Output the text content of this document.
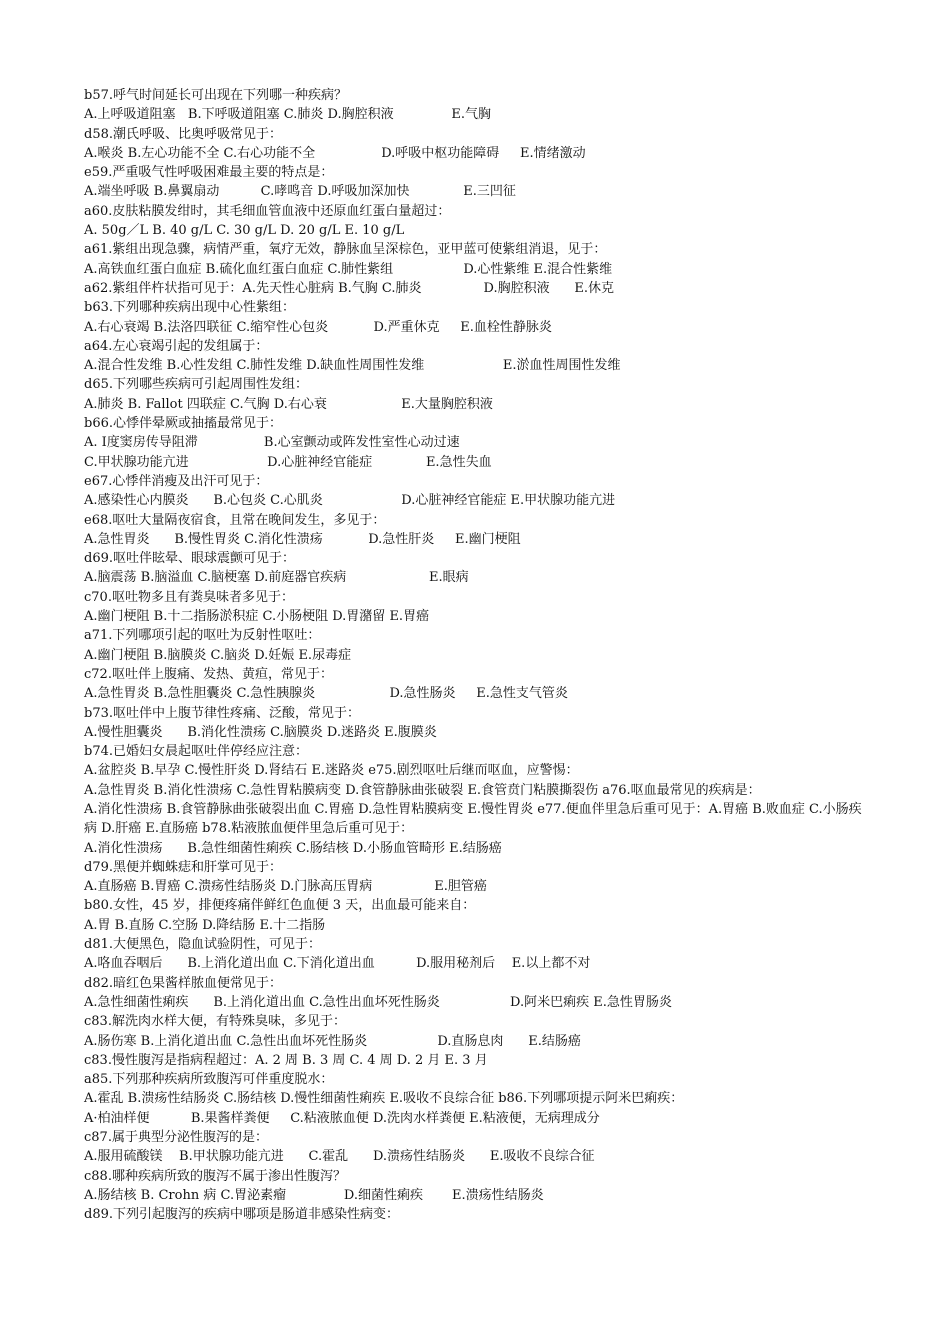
b57.呼气时间延长可出现在下列哪一种疾病？
A.上呼吸道阻塞   B.下呼吸道阻塞 C.肺炎 D.胸腔积液              E.气胸
d58.潮氏呼吸、比奥呼吸常见于：
A.喉炎 B.左心功能不全 C.右心功能不全                D.呼吸中枢功能障碍     E.情绪激动
e59.严重吸气性呼吸困难最主要的特点是：
A.端坐呼吸 B.鼻翼扇动          C.哮鸣音 D.呼吸加深加快             E.三凹征
a60.皮肤粘膜发绀时，其毛细血管血液中还原血红蛋白量超过：
A. 50g／L B. 40 g/L C. 30 g/L D. 20 g/L E. 10 g/L
a61.紫组出现急骤，病情严重，氧疗无效，静脉血呈深棕色，亚甲蓝可使紫组消退，见于：
A.高铁血红蛋白血症 B.硫化血红蛋白血症 C.肺性紫组                 D.心性紫维 E.混合性紫维
a62.紫组伴杵状指可见于：A.先天性心脏病 B.气胸 C.肺炎               D.胸腔积液      E.休克
b63.下列哪种疾病出现中心性紫组：
A.右心衰竭 B.法洛四联征 C.缩窄性心包炎           D.严重休克     E.血栓性静脉炎
a64.左心衰竭引起的发组属于：
A.混合性发维 B.心性发组 C.肺性发维 D.缺血性周围性发维                   E.淤血性周围性发维
d65.下列哪些疾病可引起周围性发组：
A.肺炎 B. Fallot 四联症 C.气胸 D.右心衰                  E.大量胸腔积液
b66.心悸伴晕厥或抽搐最常见于：
A. Ⅰ度窦房传导阻滞                B.心室颤动或阵发性室性心动过速
C.甲状腺功能亢进                   D.心脏神经官能症             E.急性失血
e67.心悸伴消瘦及出汗可见于：
A.感染性心内膜炎      B.心包炎 C.心肌炎                   D.心脏神经官能症 E.甲状腺功能亢进
e68.呕吐大量隔夜宿食，且常在晚间发生，多见于：
A.急性胃炎      B.慢性胃炎 C.消化性溃疡           D.急性肝炎     E.幽门梗阻
d69.呕吐伴眩晕、眼球震颤可见于：
A.脑震荡 B.脑溢血 C.脑梗塞 D.前庭器官疾病                    E.眼病
c70.呕吐物多且有粪臭味者多见于：
A.幽门梗阻 B.十二指肠淤积症 C.小肠梗阻 D.胃潴留 E.胃癌
a71.下列哪项引起的呕吐为反射性呕吐：
A.幽门梗阻 B.脑膜炎 C.脑炎 D.妊娠 E.尿毒症
c72.呕吐伴上腹痛、发热、黄疸，常见于：
A.急性胃炎 B.急性胆囊炎 C.急性胰腺炎                  D.急性肠炎     E.急性支气管炎
b73.呕吐伴中上腹节律性疼痛、泛酸，常见于：
A.慢性胆囊炎      B.消化性溃疡 C.脑膜炎 D.迷路炎 E.腹膜炎
b74.已婚妇女晨起呕吐伴停经应注意：
A.盆腔炎 B.早孕 C.慢性肝炎 D.肾结石 E.迷路炎 e75.剧烈呕吐后继而呕血，应警惕：
A.急性胃炎 B.消化性溃疡 C.急性胃粘膜病变 D.食管静脉曲张破裂 E.食管贲门粘膜撕裂伤 a76.呕血最常见的疾病是：
A.消化性溃疡 B.食管静脉曲张破裂出血 C.胃癌 D.急性胃粘膜病变 E.慢性胃炎 e77.便血伴里急后重可见于：A.胃癌 B.败血症 C.小肠疾病 D.肝癌 E.直肠癌 b78.粘液脓血便伴里急后重可见于：
A.消化性溃疡      B.急性细菌性痢疾 C.肠结核 D.小肠血管畸形 E.结肠癌
d79.黑便并蜘蛛痣和肝掌可见于：
A.直肠癌 B.胃癌 C.溃疡性结肠炎 D.门脉高压胃病               E.胆管癌
b80.女性，45 岁，排便疼痛伴鲜红色血便 3 天，出血最可能来自：
A.胃 B.直肠 C.空肠 D.降结肠 E.十二指肠
d81.大便黑色，隐血试验阴性，可见于：
A.咯血吞咽后      B.上消化道出血 C.下消化道出血          D.服用秘剂后    E.以上都不对
d82.暗红色果酱样脓血便常见于：
A.急性细菌性痢疾      B.上消化道出血 C.急性出血坏死性肠炎                 D.阿米巴痢疾 E.急性胃肠炎
c83.解洗肉水样大便，有特殊臭味，多见于：
A.肠伤寒 B.上消化道出血 C.急性出血坏死性肠炎                 D.直肠息肉      E.结肠癌
c83.慢性腹泻是指病程超过：A. 2 周 B. 3 周 C. 4 周 D. 2 月 E. 3 月
a85.下列那种疾病所致腹泻可伴重度脱水：
A.霍乱 B.溃疡性结肠炎 C.肠结核 D.慢性细菌性痢疾 E.吸收不良综合征 b86.下列哪项提示阿米巴痢疾：
A·柏油样便          B.果酱样粪便     C.粘液脓血便 D.洗肉水样粪便 E.粘液便，无病理成分
c87.属于典型分泌性腹泻的是：
A.服用硫酸镁    B.甲状腺功能亢进      C.霍乱      D.溃疡性结肠炎      E.吸收不良综合征
c88.哪种疾病所致的腹泻不属于渗出性腹泻？
A.肠结核 B. Crohn 病 C.胃泌素瘤              D.细菌性痢疾       E.溃疡性结肠炎
d89.下列引起腹泻的疾病中哪项是肠道非感染性病变：
